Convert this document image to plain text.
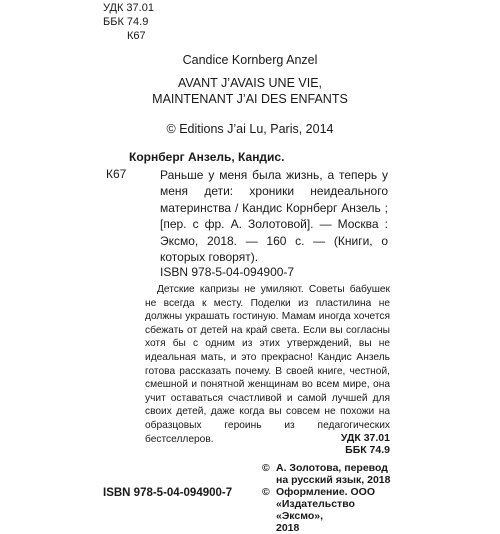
УДК 37.01
ББК 74.9
К67
Candice Kornberg Anzel
AVANT J’AVAIS UNE VIE,
MAINTENANT J’AI DES ENFANTS
© Editions J’ai Lu, Paris, 2014
Корнберг Анзель, Кандис.
К67	Раньше у меня была жизнь, а теперь у меня дети: хроники неидеального материнства / Кандис Корнберг Анзель ; [пер. с фр. А. Золотовой]. — Москва : Эксмо, 2018. — 160 с. — (Книги, о которых говорят).
ISBN 978-5-04-094900-7
Детские капризы не умиляют. Советы бабушек не всегда к месту. Поделки из пластилина не должны украшать гостиную. Мамам иногда хочется сбежать от детей на край света. Если вы согласны хотя бы с одним из этих утверждений, вы не идеальная мать, и это прекрасно! Кандис Анзель готова рассказать почему. В своей книге, честной, смешной и понятной женщинам во всем мире, она учит оставаться счастливой и самой лучшей для своих детей, даже когда вы совсем не похожи на образцовых героинь из педагогических бестселлеров.	УДК 37.01
ББК 74.9
© А. Золотова, перевод
на русский язык, 2018
© Оформление. ООО
«Издательство «Эксмо»,
2018
ISBN 978-5-04-094900-7
